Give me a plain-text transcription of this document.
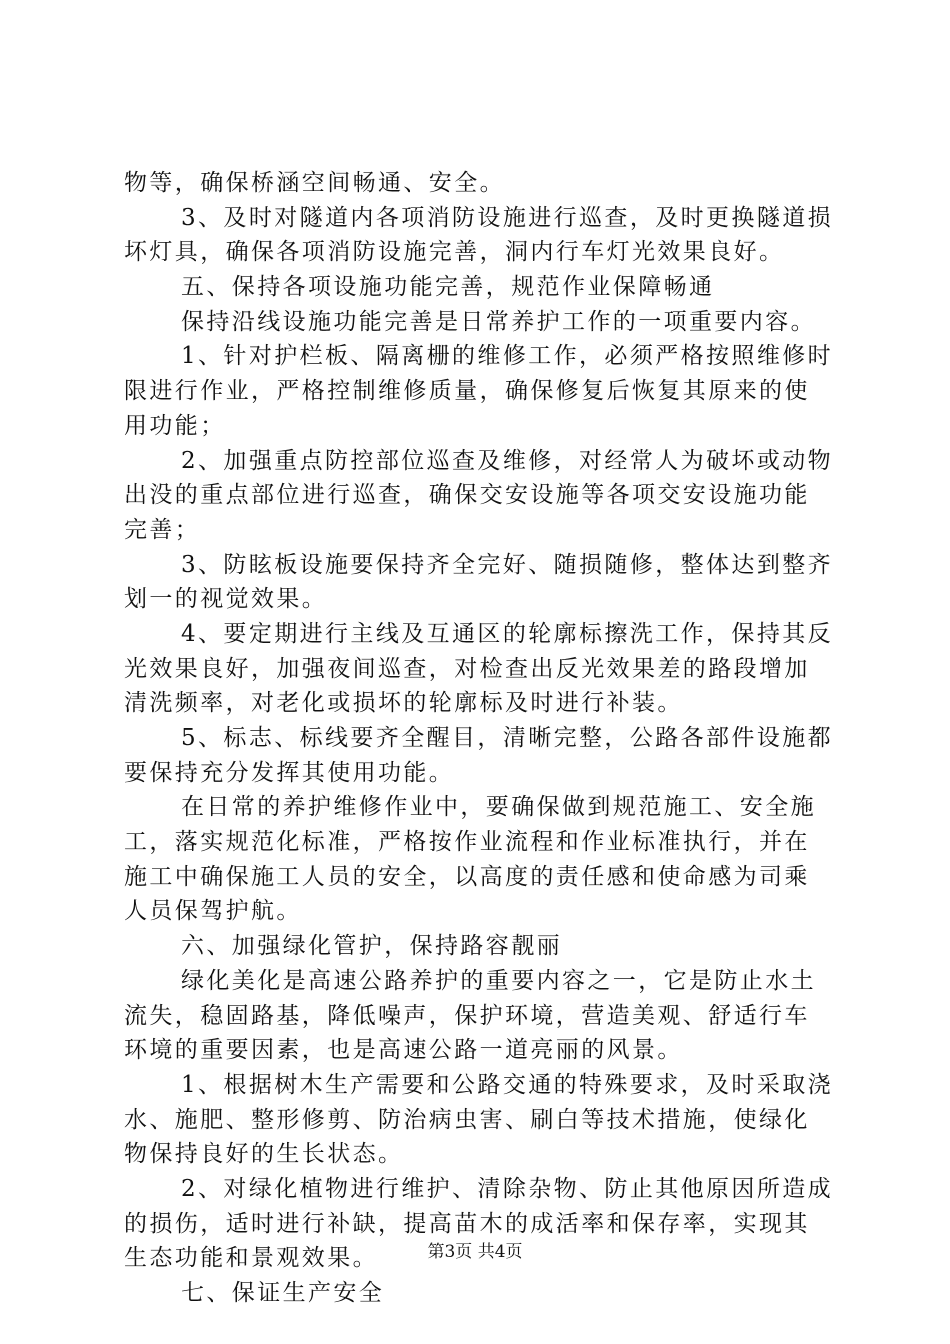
物等，确保桥涵空间畅通、安全。
3、及时对隧道内各项消防设施进行巡查，及时更换隧道损
坏灯具，确保各项消防设施完善，洞内行车灯光效果良好。
五、保持各项设施功能完善，规范作业保障畅通
保持沿线设施功能完善是日常养护工作的一项重要内容。
1、针对护栏板、隔离栅的维修工作，必须严格按照维修时
限进行作业，严格控制维修质量，确保修复后恢复其原来的使
用功能；
2、加强重点防控部位巡查及维修，对经常人为破坏或动物
出没的重点部位进行巡查，确保交安设施等各项交安设施功能
完善；
3、防眩板设施要保持齐全完好、随损随修，整体达到整齐
划一的视觉效果。
4、要定期进行主线及互通区的轮廓标擦洗工作，保持其反
光效果良好，加强夜间巡查，对检查出反光效果差的路段增加
清洗频率，对老化或损坏的轮廓标及时进行补装。
5、标志、标线要齐全醒目，清晰完整，公路各部件设施都
要保持充分发挥其使用功能。
在日常的养护维修作业中，要确保做到规范施工、安全施
工，落实规范化标准，严格按作业流程和作业标准执行，并在
施工中确保施工人员的安全，以高度的责任感和使命感为司乘
人员保驾护航。
六、加强绿化管护，保持路容靓丽
绿化美化是高速公路养护的重要内容之一，它是防止水土
流失，稳固路基，降低噪声，保护环境，营造美观、舒适行车
环境的重要因素，也是高速公路一道亮丽的风景。
1、根据树木生产需要和公路交通的特殊要求，及时采取浇
水、施肥、整形修剪、防治病虫害、刷白等技术措施，使绿化
物保持良好的生长状态。
2、对绿化植物进行维护、清除杂物、防止其他原因所造成
的损伤，适时进行补缺，提高苗木的成活率和保存率，实现其
生态功能和景观效果。
七、保证生产安全
第3页 共4页
